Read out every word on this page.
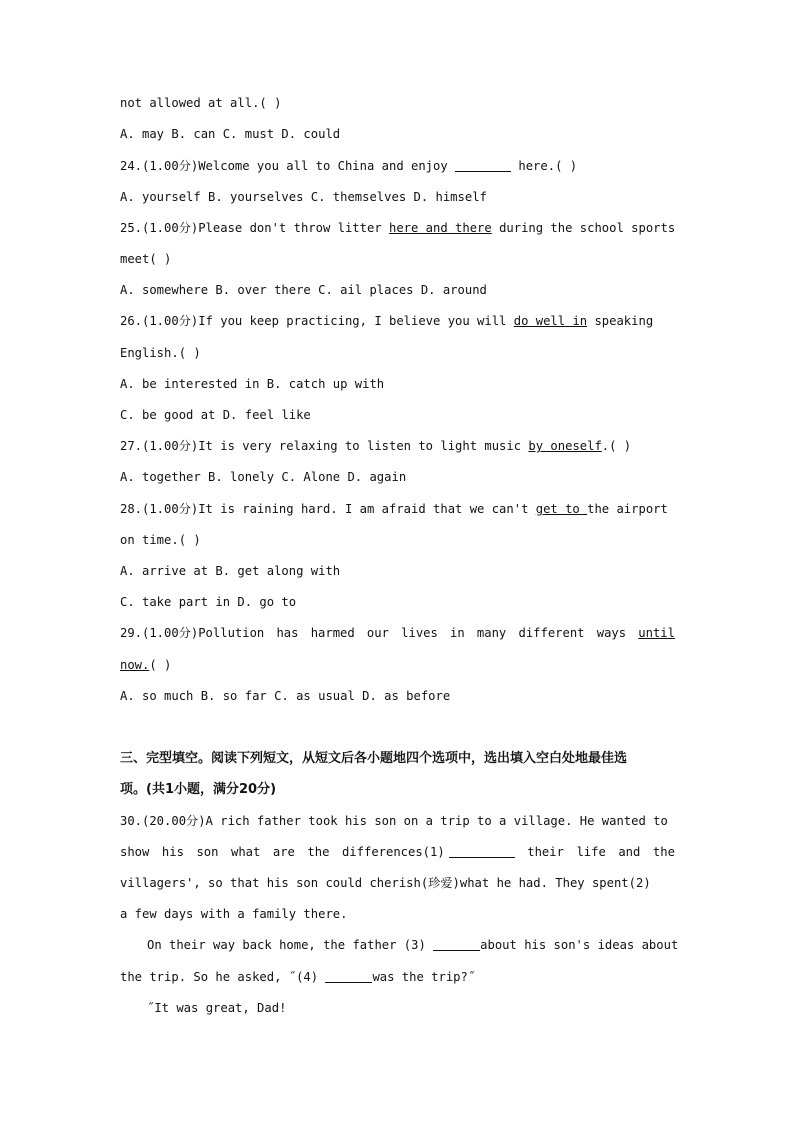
not allowed at all.( )
A. may B. can C. must D. could
24.(1.00分)Welcome you all to China and enjoy	here.( )
A. yourself B. yourselves C. themselves D. himself
25.(1.00分)Please don't throw litter here and there during the school sports
meet( )
A. somewhere B. over there C. ail places D. around
26.(1.00分)If you keep practicing, I believe you will do well in speaking
English.( )
A. be interested in B. catch up with
C. be good at D. feel like
27.(1.00分)It is very relaxing to listen to light music by oneself.( )
A. together B. lonely C. Alone D. again
28.(1.00分)It is raining hard. I am afraid that we can't get to the airport
on time.( )
A. arrive at B. get along with
C. take part in D. go to
29.(1.00分)Pollution has harmed our lives in many different ways until
now.( )
A. so much B. so far C. as usual D. as before
三、完型填空。阅读下列短文，从短文后各小题地四个选项中，选出填入空白处地最佳选
项。(共1小题，满分20分)
30.(20.00分)A rich father took his son on a trip to a village. He wanted to
show his son what are the differences(1)	their life and the
villagers', so that his son could cherish(珍爱)what he had. They spent(2)
a few days with a family there.
On their way back home, the father (3)	about his son's ideas about
the trip. So he asked, ˝(4)	was the trip?˝
˝It was great, Dad!
